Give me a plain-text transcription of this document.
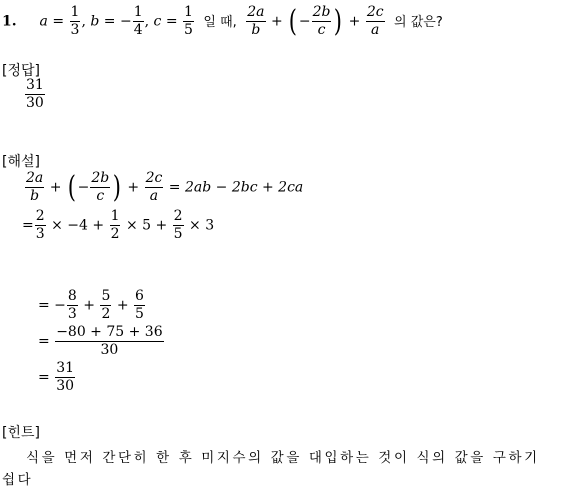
1. $a = \frac{1}{3}$ , b = − $\frac{1}{4}$ , $c = \frac{1}{5}$ 일 때, $\frac{2a}{b}$ + ( − $\frac{2b}{c}$ ) + $\frac{2c}{a}$ 의 값은?
[정답]
$\frac{31}{30}$
[해설]
$\frac{2a}{b}$ + ( − $\frac{2b}{c}$ ) + $\frac{2c}{a} = 2ab - 2bc + 2ca$
= $\frac{2}{3} \times -4 + \frac{1}{2} \times 5 + \frac{2}{5} \times 3$
= − $\frac{8}{3} + \frac{5}{2} + \frac{6}{5}$
= $\frac{-80 + 75 + 36}{30}$
= $\frac{31}{30}$
[힌트]
식을 먼저 간단히 한 후 미지수의 값을 대입하는 것이 식의 값을 구하기
쉽다
